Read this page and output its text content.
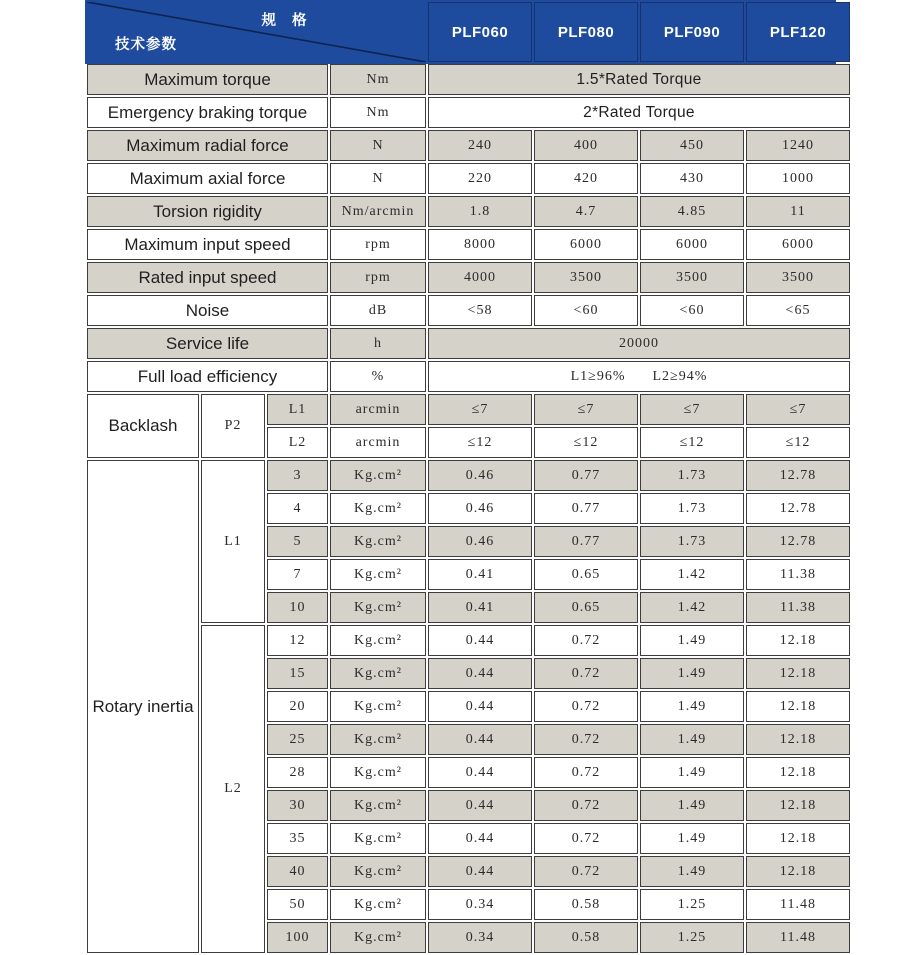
规 格
技术参数				PLF060	PLF080	PLF090	PLF120
Maximum torque			Nm	1.5*Rated Torque			
Emergency braking torque			Nm	2*Rated Torque			
Maximum radial force			N	240	400	450	1240
Maximum axial force			N	220	420	430	1000
Torsion rigidity			Nm/arcmin	1.8	4.7	4.85	11
Maximum input speed			rpm	8000	6000	6000	6000
Rated input speed			rpm	4000	3500	3500	3500
Noise			dB	<58	<60	<60	<65
Service life			h	20000			
Full load efficiency			%	L1≥96%      L2≥94%			
Backlash	P2	L1	arcmin	≤7	≤7	≤7	≤7
		L2	arcmin	≤12	≤12	≤12	≤12
Rotary inertia	L1	3	Kg.cm²	0.46	0.77	1.73	12.78
		4	Kg.cm²	0.46	0.77	1.73	12.78
		5	Kg.cm²	0.46	0.77	1.73	12.78
		7	Kg.cm²	0.41	0.65	1.42	11.38
		10	Kg.cm²	0.41	0.65	1.42	11.38
	L2	12	Kg.cm²	0.44	0.72	1.49	12.18
		15	Kg.cm²	0.44	0.72	1.49	12.18
		20	Kg.cm²	0.44	0.72	1.49	12.18
		25	Kg.cm²	0.44	0.72	1.49	12.18
		28	Kg.cm²	0.44	0.72	1.49	12.18
		30	Kg.cm²	0.44	0.72	1.49	12.18
		35	Kg.cm²	0.44	0.72	1.49	12.18
		40	Kg.cm²	0.44	0.72	1.49	12.18
		50	Kg.cm²	0.34	0.58	1.25	11.48
		100	Kg.cm²	0.34	0.58	1.25	11.48
